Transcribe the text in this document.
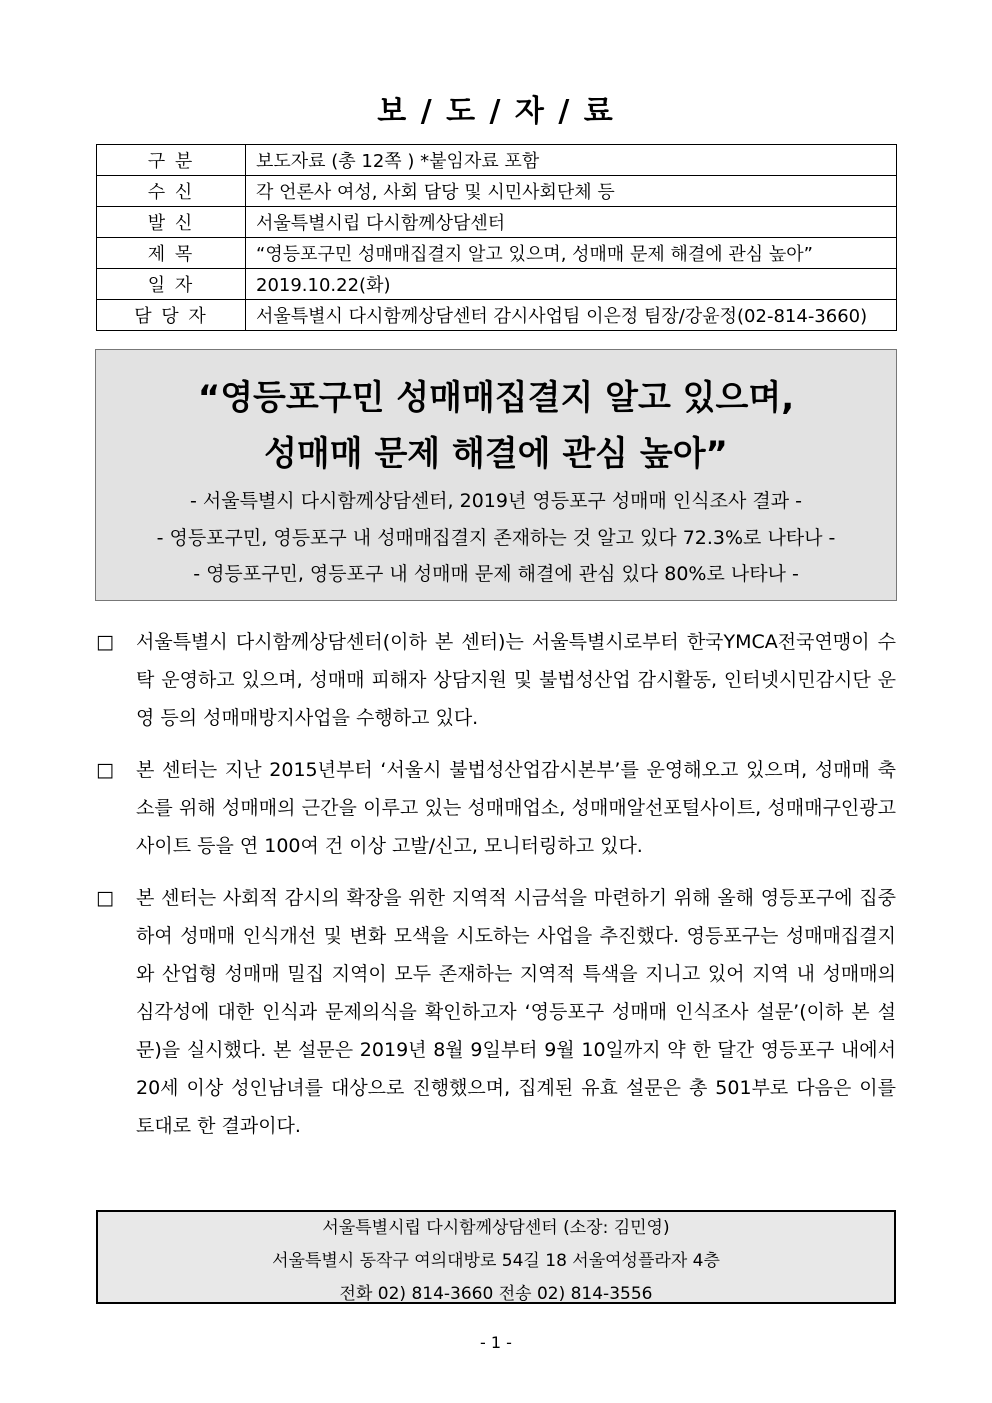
보 / 도 / 자 / 료
구 분	보도자료 (총 12쪽 ) *붙임자료 포함
수 신	각 언론사 여성, 사회 담당 및 시민사회단체 등
발 신	서울특별시립 다시함께상담센터
제 목	“영등포구민 성매매집결지 알고 있으며, 성매매 문제 해결에 관심 높아”
일 자	2019.10.22(화)
담 당 자	서울특별시 다시함께상담센터 감시사업팀 이은정 팀장/강윤정(02-814-3660)
“영등포구민 성매매집결지 알고 있으며,
성매매 문제 해결에 관심 높아”
- 서울특별시 다시함께상담센터, 2019년 영등포구 성매매 인식조사 결과 -
- 영등포구민, 영등포구 내 성매매집결지 존재하는 것 알고 있다 72.3%로 나타나 -
- 영등포구민, 영등포구 내 성매매 문제 해결에 관심 있다 80%로 나타나 -
□ 서울특별시 다시함께상담센터(이하 본 센터)는 서울특별시로부터 한국YMCA전국연맹이 수탁 운영하고 있으며, 성매매 피해자 상담지원 및 불법성산업 감시활동, 인터넷시민감시단 운영 등의 성매매방지사업을 수행하고 있다.
□ 본 센터는 지난 2015년부터 ‘서울시 불법성산업감시본부’를 운영해오고 있으며, 성매매 축소를 위해 성매매의 근간을 이루고 있는 성매매업소, 성매매알선포털사이트, 성매매구인광고사이트 등을 연 100여 건 이상 고발/신고, 모니터링하고 있다.
□ 본 센터는 사회적 감시의 확장을 위한 지역적 시금석을 마련하기 위해 올해 영등포구에 집중하여 성매매 인식개선 및 변화 모색을 시도하는 사업을 추진했다. 영등포구는 성매매집결지와 산업형 성매매 밀집 지역이 모두 존재하는 지역적 특색을 지니고 있어 지역 내 성매매의 심각성에 대한 인식과 문제의식을 확인하고자 ‘영등포구 성매매 인식조사 설문’(이하 본 설문)을 실시했다. 본 설문은 2019년 8월 9일부터 9월 10일까지 약 한 달간 영등포구 내에서 20세 이상 성인남녀를 대상으로 진행했으며, 집계된 유효 설문은 총 501부로 다음은 이를 토대로 한 결과이다.
서울특별시립 다시함께상담센터 (소장: 김민영)
서울특별시 동작구 여의대방로 54길 18 서울여성플라자 4층
전화 02) 814-3660 전송 02) 814-3556
- 1 -
